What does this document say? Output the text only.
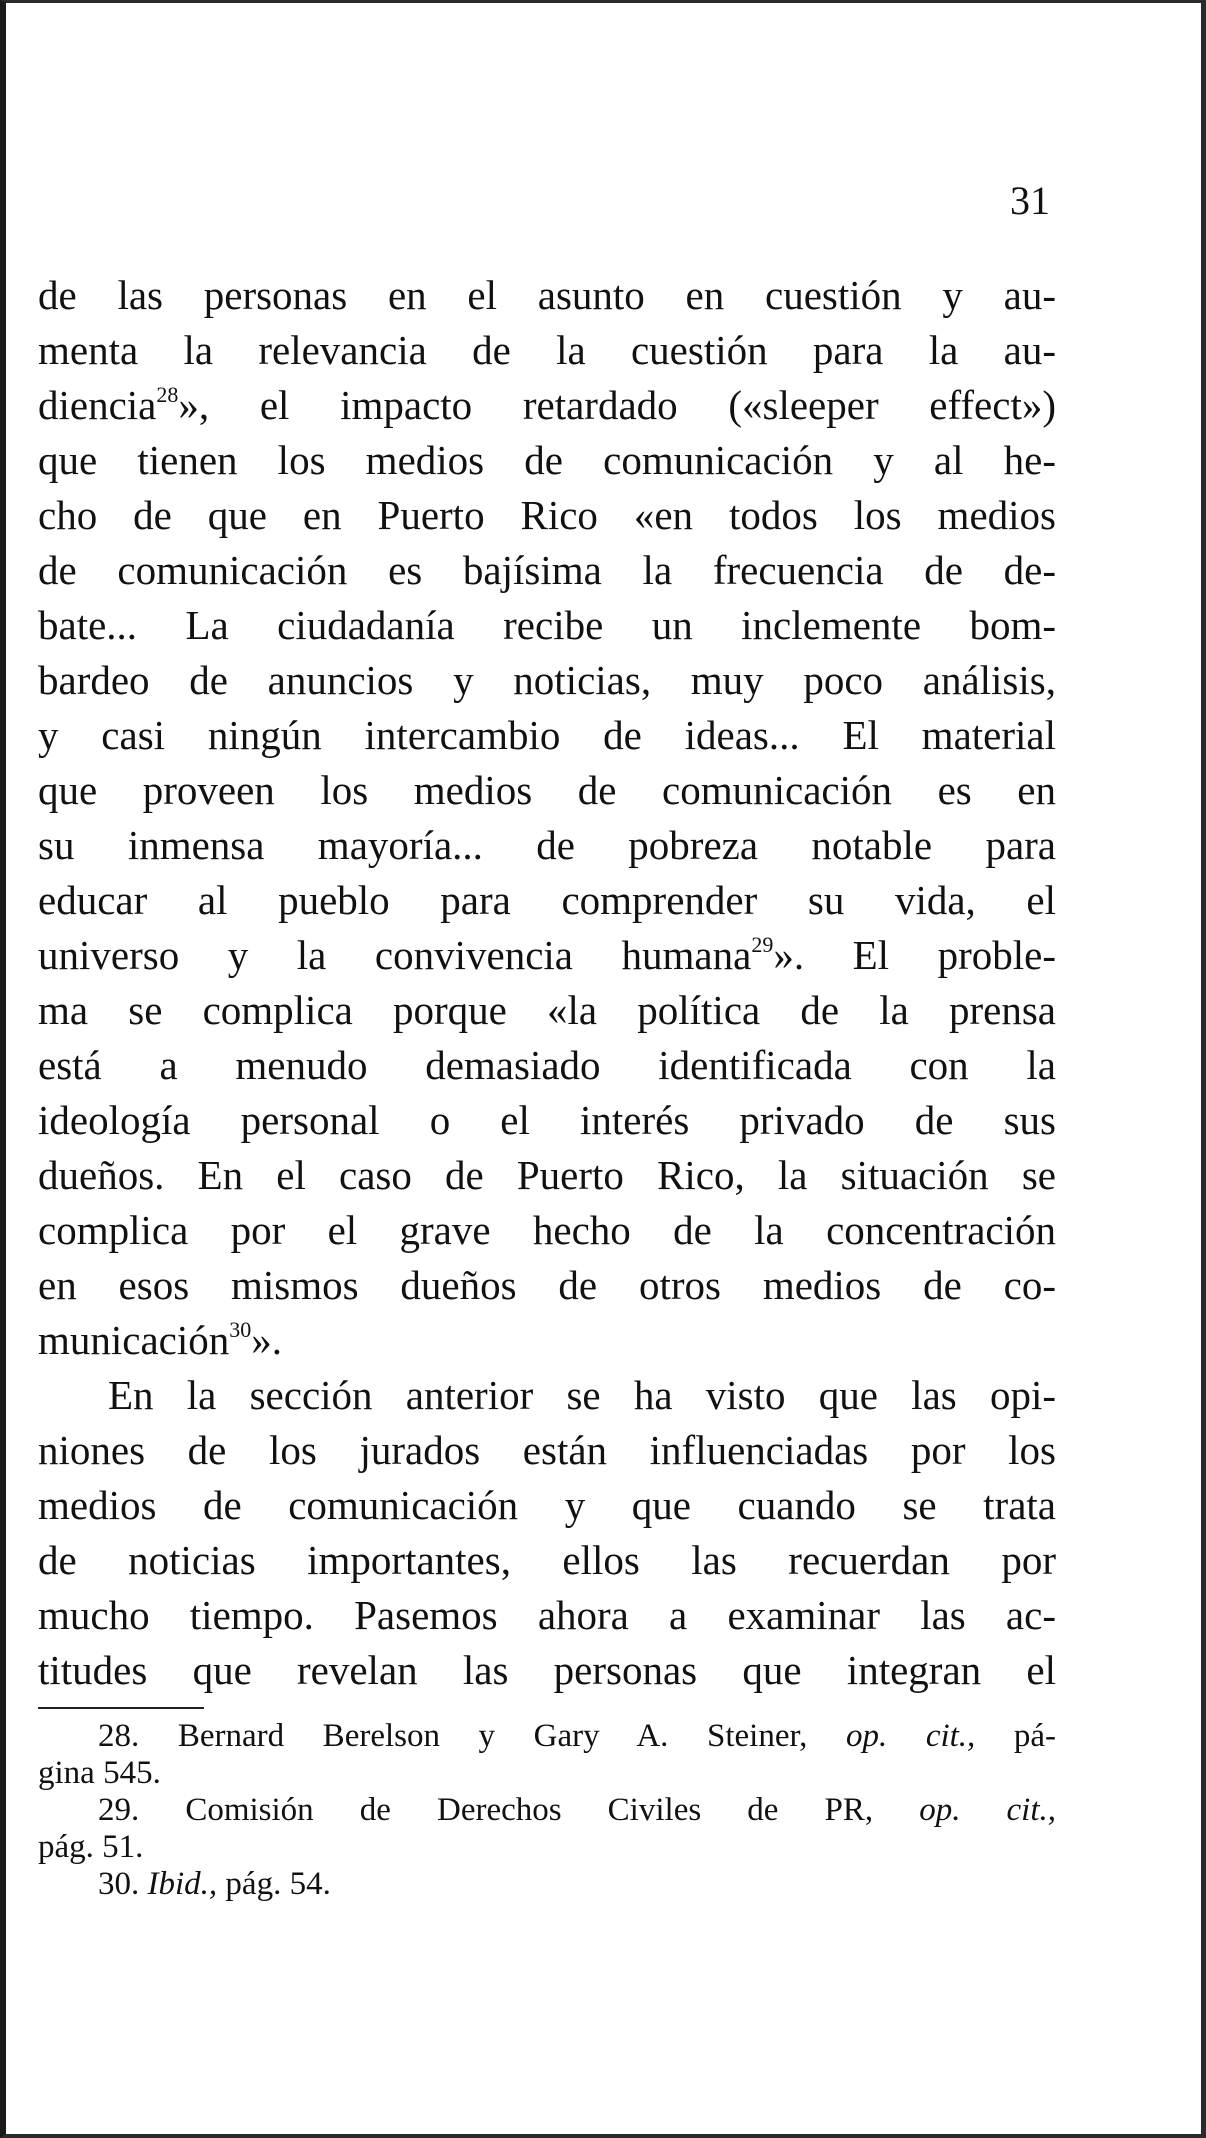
31
de las personas en el asunto en cuestión y au-
menta la relevancia de la cuestión para la au-
diencia$^{28}$», el impacto retardado («sleeper effect»)
que tienen los medios de comunicación y al he-
cho de que en Puerto Rico «en todos los medios
de comunicación es bajísima la frecuencia de de-
bate... La ciudadanía recibe un inclemente bom-
bardeo de anuncios y noticias, muy poco análisis,
y casi ningún intercambio de ideas... El material
que proveen los medios de comunicación es en
su inmensa mayoría... de pobreza notable para
educar al pueblo para comprender su vida, el
universo y la convivencia humana$^{29}$». El proble-
ma se complica porque «la política de la prensa
está a menudo demasiado identificada con la
ideología personal o el interés privado de sus
dueños. En el caso de Puerto Rico, la situación se
complica por el grave hecho de la concentración
en esos mismos dueños de otros medios de co-
municación$^{30}$».
En la sección anterior se ha visto que las opi-
niones de los jurados están influenciadas por los
medios de comunicación y que cuando se trata
de noticias importantes, ellos las recuerdan por
mucho tiempo. Pasemos ahora a examinar las ac-
titudes que revelan las personas que integran el
28. Bernard Berelson y Gary A. Steiner, op. cit., pá-
gina 545.
29. Comisión de Derechos Civiles de PR, op. cit.,
pág. 51.
30. Ibid., pág. 54.
